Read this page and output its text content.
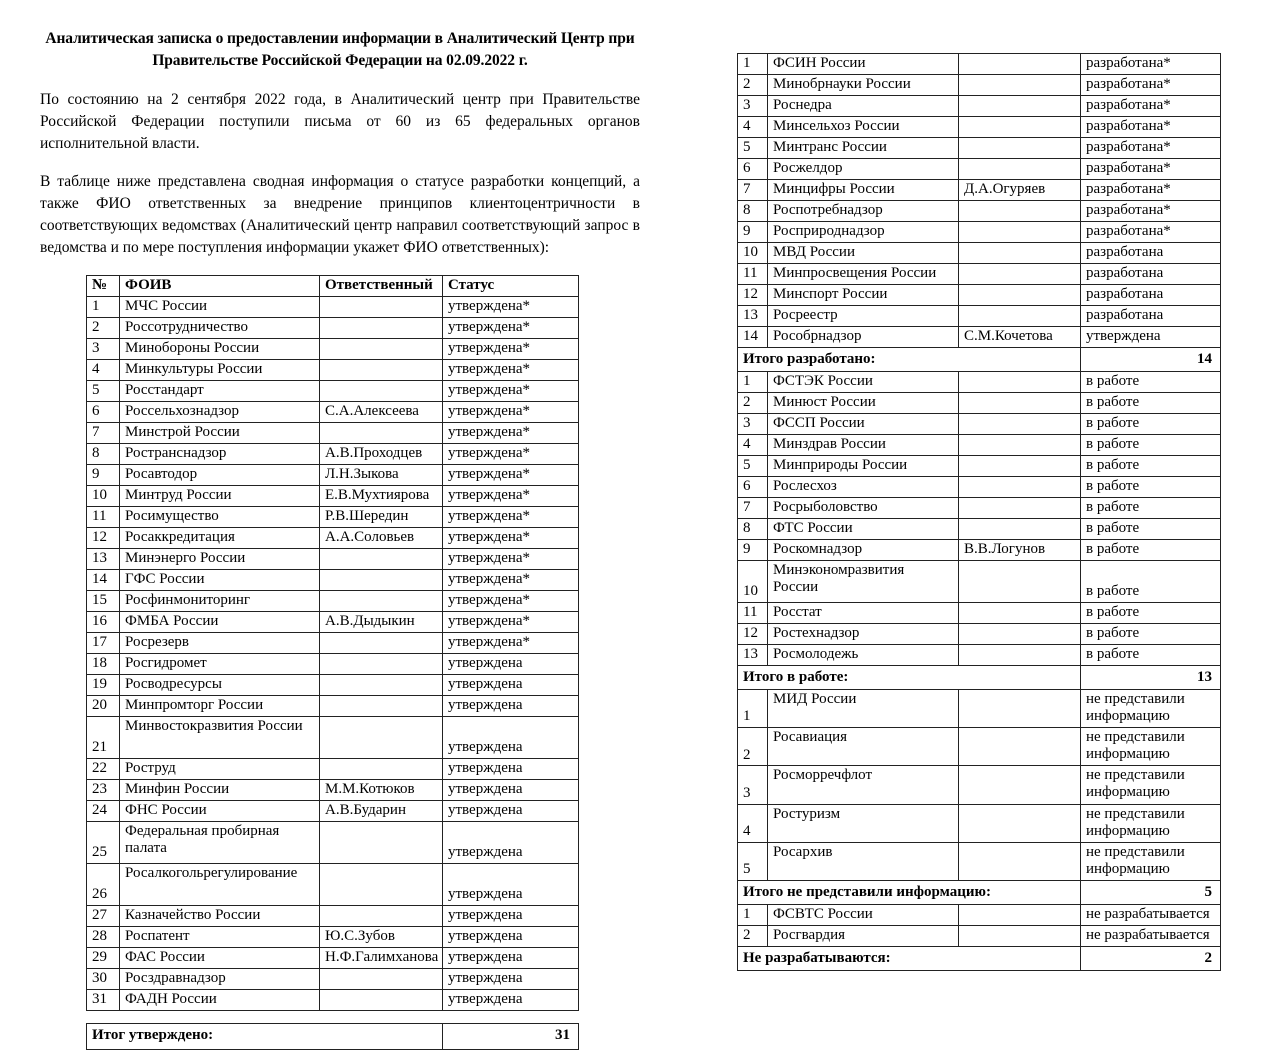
Аналитическая записка о предоставлении информации в Аналитический Центр при
Правительстве Российской Федерации на 02.09.2022 г.

По состоянию на 2 сентября 2022 года, в Аналитический центр при Правительстве Российской Федерации поступили письма от 60 из 65 федеральных органов исполнительной власти.

В таблице ниже представлена сводная информация о статусе разработки концепций, а также ФИО ответственных за внедрение принципов клиентоцентричности в соответствующих ведомствах (Аналитический центр направил соответствующий запрос в ведомства и по мере поступления информации укажет ФИО ответственных):

№	ФОИВ	Ответственный	Статус
1	МЧС России		утверждена*
2	Россотрудничество		утверждена*
3	Минобороны России		утверждена*
4	Минкультуры России		утверждена*
5	Росстандарт		утверждена*
6	Россельхознадзор	С.А.Алексеева	утверждена*
7	Минстрой России		утверждена*
8	Ространснадзор	А.В.Проходцев	утверждена*
9	Росавтодор	Л.Н.Зыкова	утверждена*
10	Минтруд России	Е.В.Мухтиярова	утверждена*
11	Росимущество	Р.В.Шередин	утверждена*
12	Росаккредитация	А.А.Соловьев	утверждена*
13	Минэнерго России		утверждена*
14	ГФС России		утверждена*
15	Росфинмониторинг		утверждена*
16	ФМБА России	А.В.Дыдыкин	утверждена*
17	Росрезерв		утверждена*
18	Росгидромет		утверждена
19	Росводресурсы		утверждена
20	Минпромторг России		утверждена
21	Минвостокразвития России		утверждена
22	Роструд		утверждена
23	Минфин России	М.М.Котюков	утверждена
24	ФНС России	А.В.Бударин	утверждена
25	Федеральная пробирная палата		утверждена
26	Росалкогольрегулирование		утверждена
27	Казначейство России		утверждена
28	Роспатент	Ю.С.Зубов	утверждена
29	ФАС России	Н.Ф.Галимханова	утверждена
30	Росздравнадзор		утверждена
31	ФАДН России		утверждена
Итог утверждено:	31
1	ФСИН России		разработана*
2	Минобрнауки России		разработана*
3	Роснедра		разработана*
4	Минсельхоз России		разработана*
5	Минтранс России		разработана*
6	Росжелдор		разработана*
7	Минцифры России	Д.А.Огуряев	разработана*
8	Роспотребнадзор		разработана*
9	Росприроднадзор		разработана*
10	МВД России		разработана
11	Минпросвещения России		разработана
12	Минспорт России		разработана
13	Росреестр		разработана
14	Рособрнадзор	С.М.Кочетова	утверждена
Итого разработано:			14
1	ФСТЭК России		в работе
2	Минюст России		в работе
3	ФССП России		в работе
4	Минздрав России		в работе
5	Минприроды России		в работе
6	Рослесхоз		в работе
7	Росрыболовство		в работе
8	ФТС России		в работе
9	Роскомнадзор	В.В.Логунов	в работе
10	Минэкономразвития России		в работе
11	Росстат		в работе
12	Ростехнадзор		в работе
13	Росмолодежь		в работе
Итого в работе:			13
1	МИД России		не представили информацию
2	Росавиация		не представили информацию
3	Росморречфлот		не представили информацию
4	Ростуризм		не представили информацию
5	Росархив		не представили информацию
Итого не представили информацию:			5
1	ФСВТС России		не разрабатывается
2	Росгвардия		не разрабатывается
Не разрабатываются:			2
